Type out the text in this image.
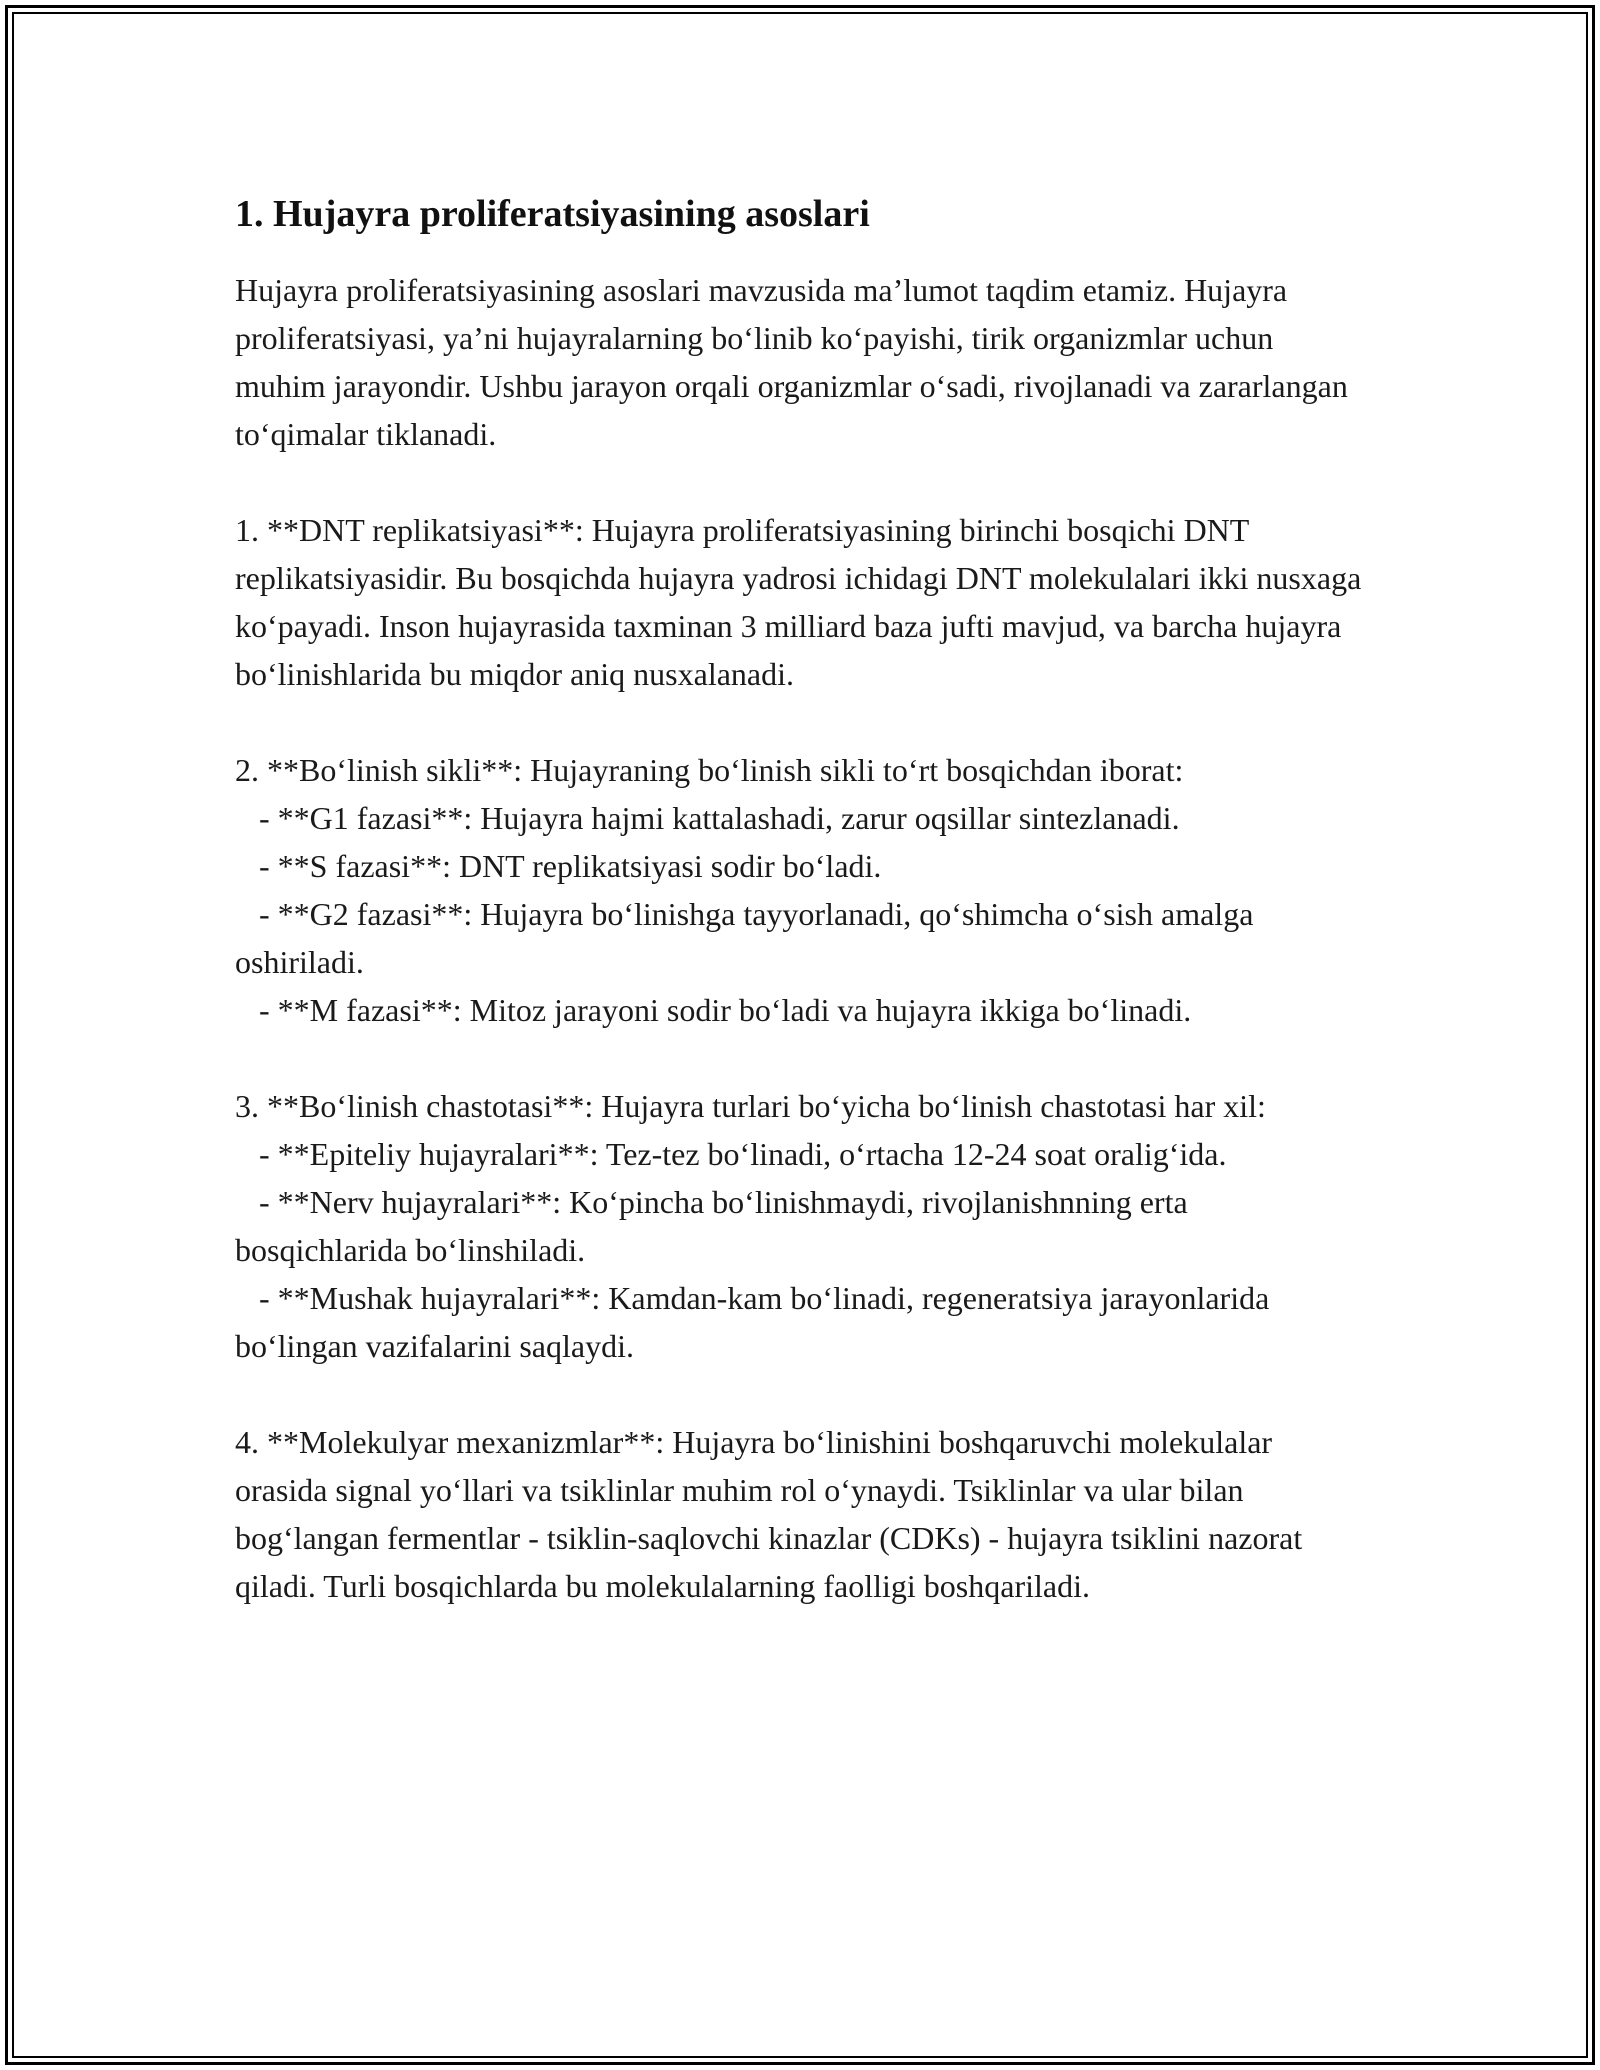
1. Hujayra proliferatsiyasining asoslari

Hujayra proliferatsiyasining asoslari mavzusida ma’lumot taqdim etamiz. Hujayra proliferatsiyasi, ya’ni hujayralarning bo‘linib ko‘payishi, tirik organizmlar uchun muhim jarayondir. Ushbu jarayon orqali organizmlar o‘sadi, rivojlanadi va zararlangan to‘qimalar tiklanadi.

1. **DNT replikatsiyasi**: Hujayra proliferatsiyasining birinchi bosqichi DNT replikatsiyasidir. Bu bosqichda hujayra yadrosi ichidagi DNT molekulalari ikki nusxaga ko‘payadi. Inson hujayrasida taxminan 3 milliard baza jufti mavjud, va barcha hujayra bo‘linishlarida bu miqdor aniq nusxalanadi.

2. **Bo‘linish sikli**: Hujayraning bo‘linish sikli to‘rt bosqichdan iborat:
- **G1 fazasi**: Hujayra hajmi kattalashadi, zarur oqsillar sintezlanadi.
- **S fazasi**: DNT replikatsiyasi sodir bo‘ladi.
- **G2 fazasi**: Hujayra bo‘linishga tayyorlanadi, qo‘shimcha o‘sish amalga oshiriladi.
- **M fazasi**: Mitoz jarayoni sodir bo‘ladi va hujayra ikkiga bo‘linadi.

3. **Bo‘linish chastotasi**: Hujayra turlari bo‘yicha bo‘linish chastotasi har xil:
- **Epiteliy hujayralari**: Tez-tez bo‘linadi, o‘rtacha 12-24 soat oralig‘ida.
- **Nerv hujayralari**: Ko‘pincha bo‘linishmaydi, rivojlanishnning erta bosqichlarida bo‘linshiladi.
- **Mushak hujayralari**: Kamdan-kam bo‘linadi, regeneratsiya jarayonlarida bo‘lingan vazifalarini saqlaydi.

4. **Molekulyar mexanizmlar**: Hujayra bo‘linishini boshqaruvchi molekulalar orasida signal yo‘llari va tsiklinlar muhim rol o‘ynaydi. Tsiklinlar va ular bilan bog‘langan fermentlar - tsiklin-saqlovchi kinazlar (CDKs) - hujayra tsiklini nazorat qiladi. Turli bosqichlarda bu molekulalarning faolligi boshqariladi.
